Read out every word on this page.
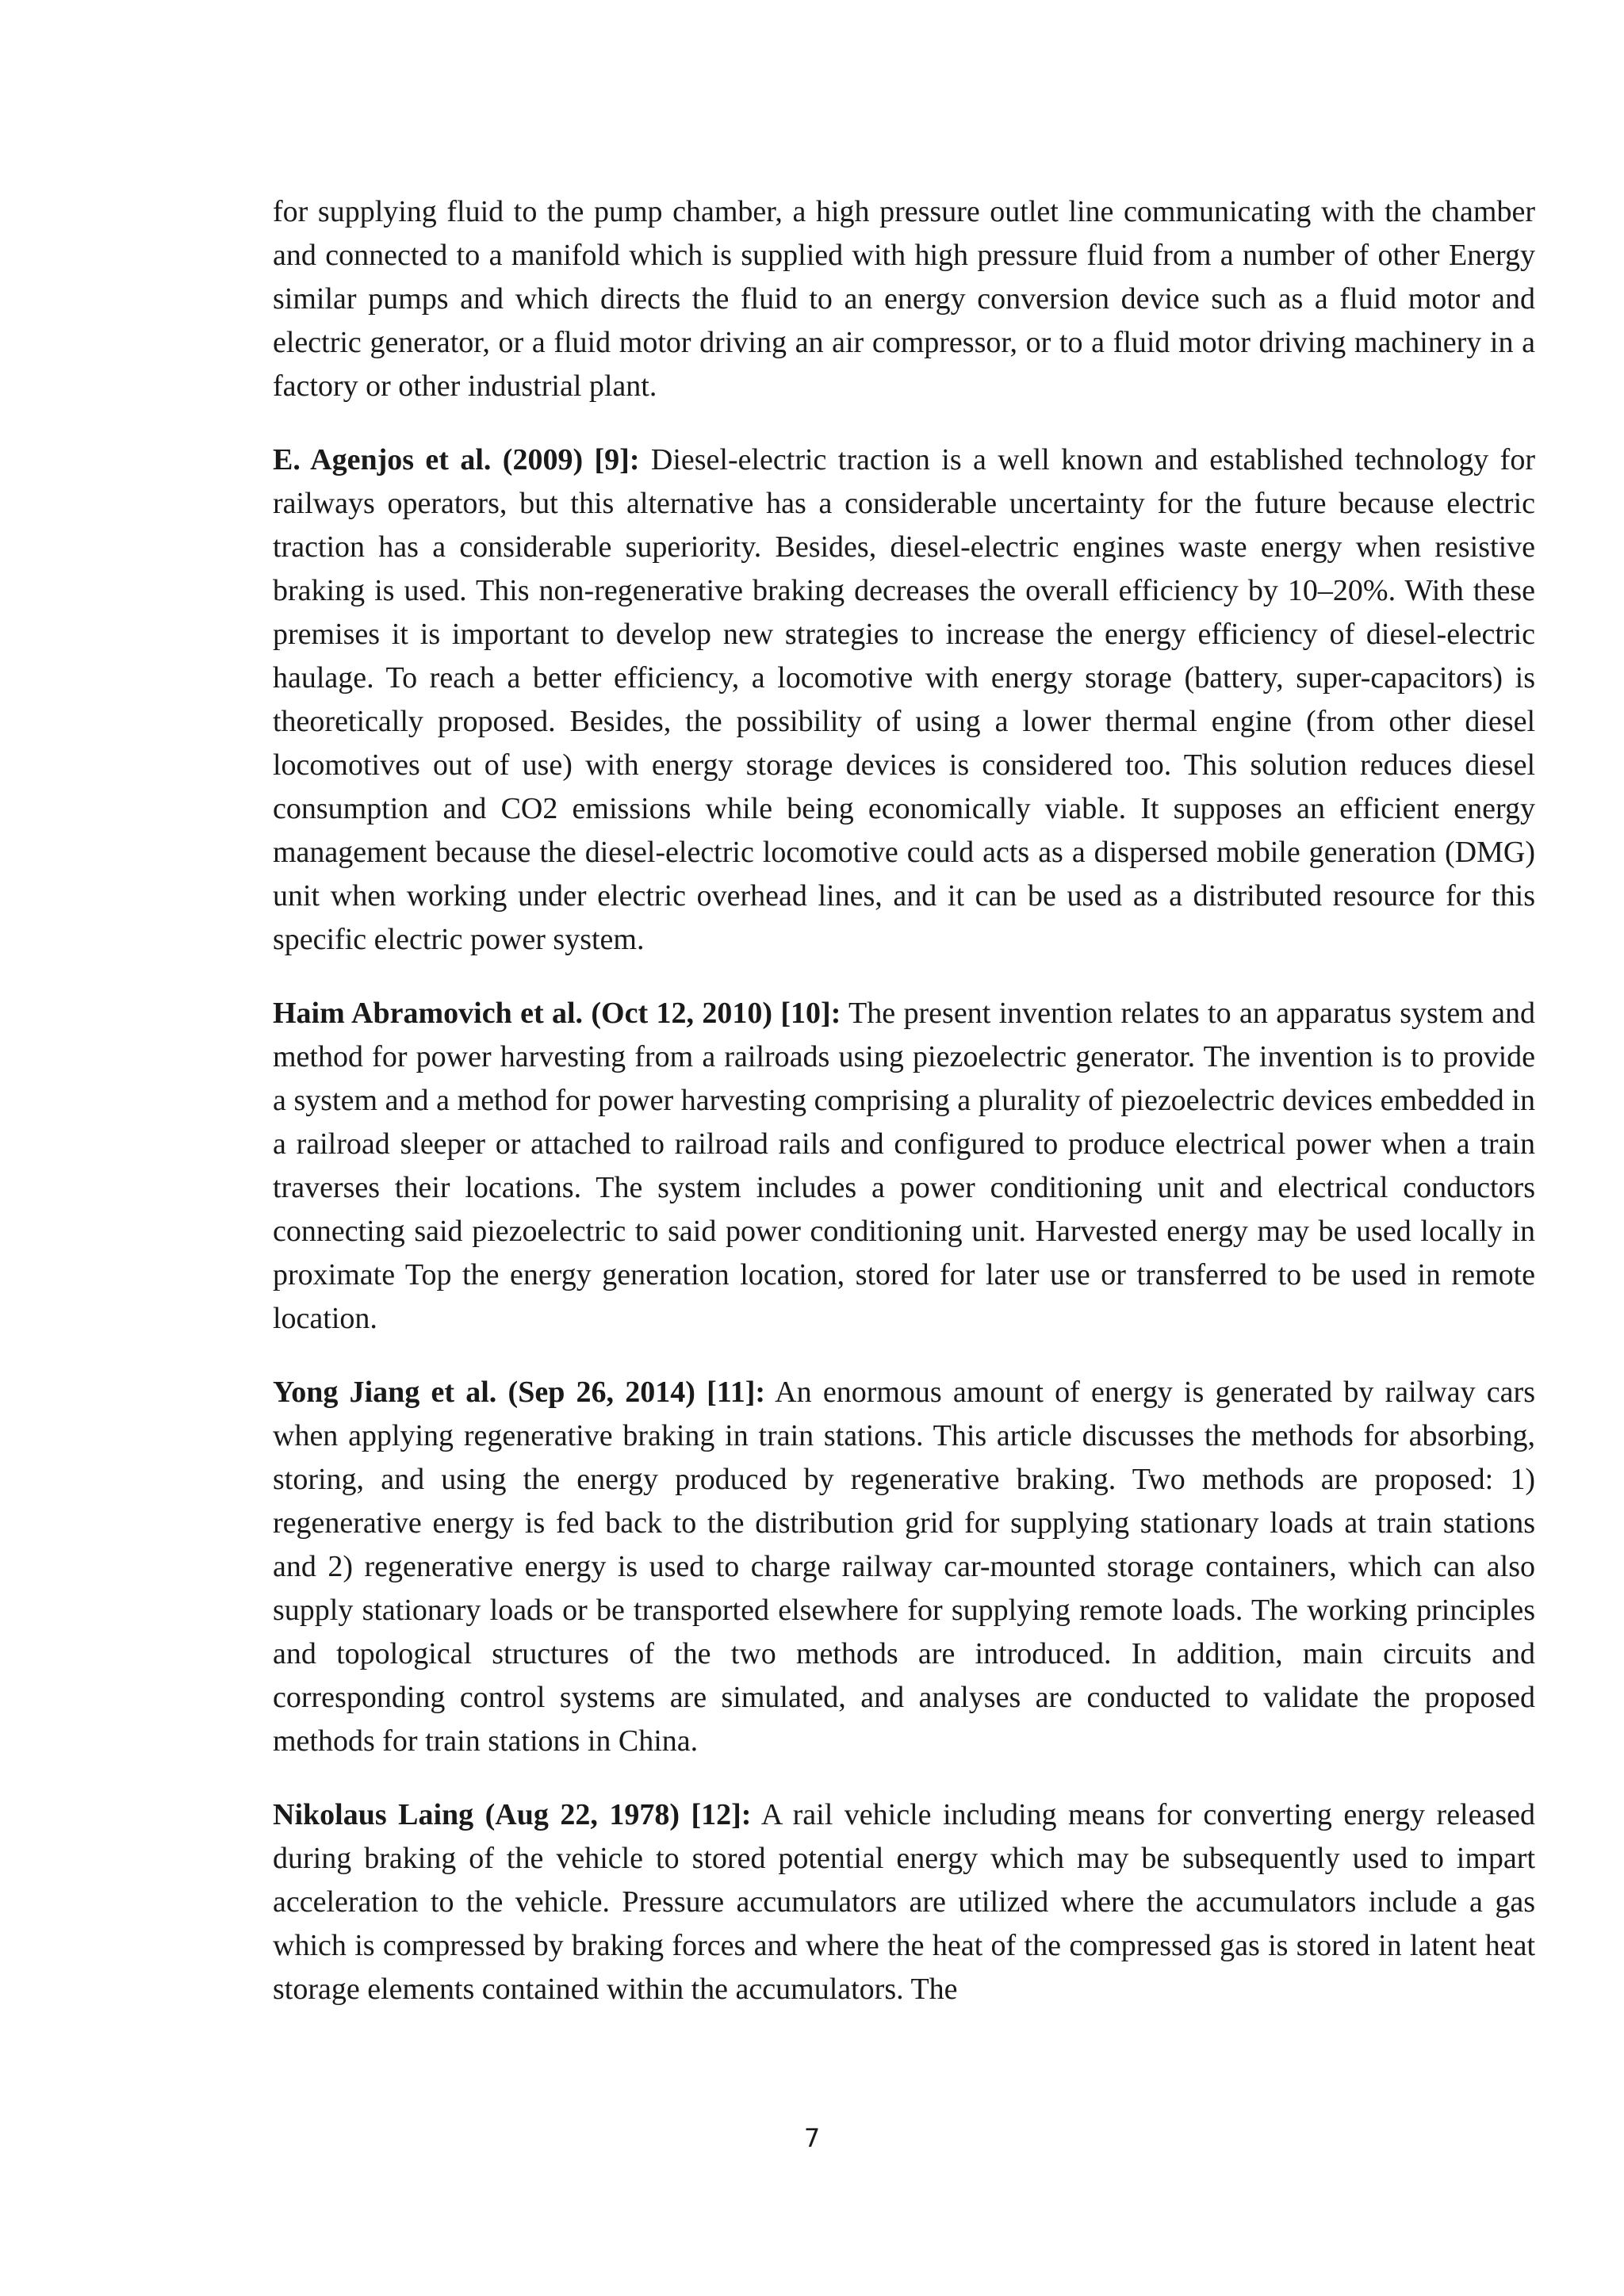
for supplying fluid to the pump chamber, a high pressure outlet line communicating with the chamber and connected to a manifold which is supplied with high pressure fluid from a number of other Energy similar pumps and which directs the fluid to an energy conversion device such as a fluid motor and electric generator, or a fluid motor driving an air compressor, or to a fluid motor driving machinery in a factory or other industrial plant.

E. Agenjos et al. (2009) [9]: Diesel-electric traction is a well known and established technology for railways operators, but this alternative has a considerable uncertainty for the future because electric traction has a considerable superiority. Besides, diesel-electric engines waste energy when resistive braking is used. This non-regenerative braking decreases the overall efficiency by 10–20%. With these premises it is important to develop new strategies to increase the energy efficiency of diesel-electric haulage. To reach a better efficiency, a locomotive with energy storage (battery, super-capacitors) is theoretically proposed. Besides, the possibility of using a lower thermal engine (from other diesel locomotives out of use) with energy storage devices is considered too. This solution reduces diesel consumption and CO2 emissions while being economically viable. It supposes an efficient energy management because the diesel-electric locomotive could acts as a dispersed mobile generation (DMG) unit when working under electric overhead lines, and it can be used as a distributed resource for this specific electric power system.

Haim Abramovich et al. (Oct 12, 2010) [10]: The present invention relates to an apparatus system and method for power harvesting from a railroads using piezoelectric generator. The invention is to provide a system and a method for power harvesting comprising a plurality of piezoelectric devices embedded in a railroad sleeper or attached to railroad rails and configured to produce electrical power when a train traverses their locations. The system includes a power conditioning unit and electrical conductors connecting said piezoelectric to said power conditioning unit. Harvested energy may be used locally in proximate Top the energy generation location, stored for later use or transferred to be used in remote location.

Yong Jiang et al. (Sep 26, 2014) [11]: An enormous amount of energy is generated by railway cars when applying regenerative braking in train stations. This article discusses the methods for absorbing, storing, and using the energy produced by regenerative braking. Two methods are proposed: 1) regenerative energy is fed back to the distribution grid for supplying stationary loads at train stations and 2) regenerative energy is used to charge railway car-mounted storage containers, which can also supply stationary loads or be transported elsewhere for supplying remote loads. The working principles and topological structures of the two methods are introduced. In addition, main circuits and corresponding control systems are simulated, and analyses are conducted to validate the proposed methods for train stations in China.

Nikolaus Laing (Aug 22, 1978) [12]: A rail vehicle including means for converting energy released during braking of the vehicle to stored potential energy which may be subsequently used to impart acceleration to the vehicle. Pressure accumulators are utilized where the accumulators include a gas which is compressed by braking forces and where the heat of the compressed gas is stored in latent heat storage elements contained within the accumulators. The

7
